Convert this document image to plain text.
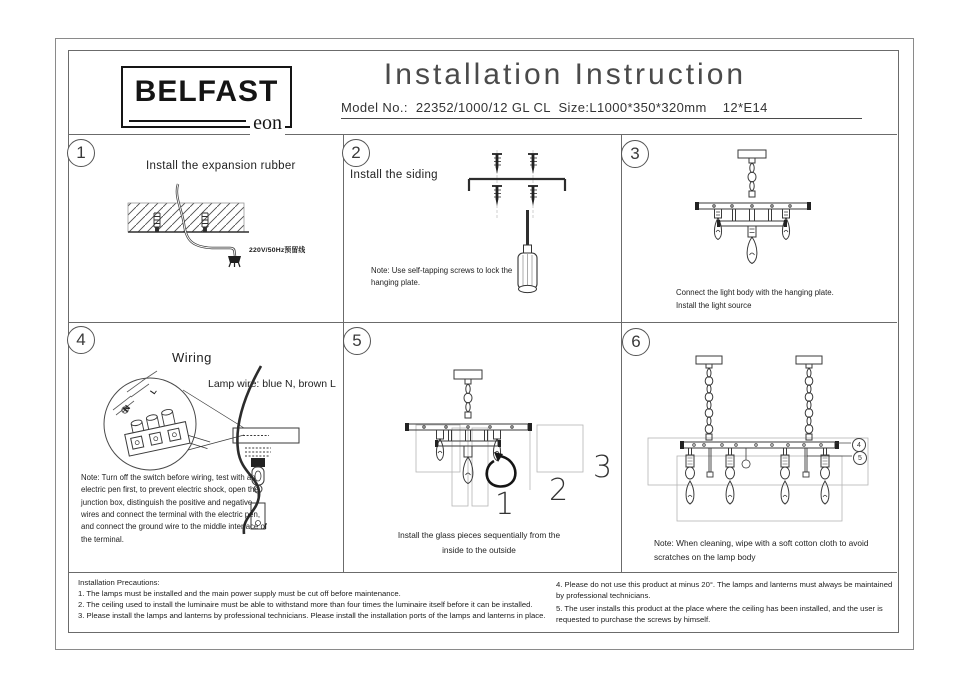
BELFAST
eon
Installation Instruction
Model No.:  22352/1000/12 GL CL  Size:L1000*350*320mm    12*E14
1	2	3
4	5	6
Install the expansion rubber
220V/50Hz预留线
Install the siding
Note: Use self-tapping screws to lock the hanging plate.
Connect the light body with the hanging plate. Install the light source
Wiring
Lamp wire: blue N, brown L
N
L
Note: Turn off the switch before wiring, test with an electric pen first, to prevent electric shock, open the junction box, distinguish the positive and negative wires and connect the terminal with the electric pen, and connect the ground wire to the middle interface of the terminal.
1 2
3
Install the glass pieces sequentially from the inside to the outside
4
5
Note: When cleaning, wipe with a soft cotton cloth to avoid scratches on the lamp body
Installation Precautions:
1. The lamps must be installed and the main power supply must be cut off before maintenance.
2. The ceiling used to install the luminaire must be able to withstand more than four times the luminaire itself before it can be installed.
3. Please install the lamps and lanterns by professional technicians. Please install the installation ports of the lamps and lanterns in place.
4. Please do not use this product at minus 20°. The lamps and lanterns must always be maintained by professional technicians.
5. The user installs this product at the place where the ceiling has been installed, and the user is requested to purchase the screws by himself.
